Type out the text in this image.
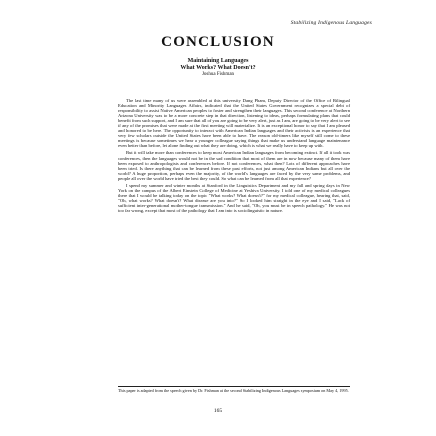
Stabilizing Indigenous Languages
CONCLUSION
Maintaining Languages
What Works? What Doesn't?
Joshua Fishman

The last time many of us were assembled at this university Dang Pham, Deputy Director of the Office of Bilingual Education and Minority Languages Affairs, indicated that the United States Government recognizes a special debt of responsibility to assist Native American peoples to foster and strengthen their languages. This second conference at Northern Arizona University was to be a more concrete step in that direction, listening to ideas, perhaps formulating plans that could benefit from such support, and I am sure that all of you are going to be very alert, just as I am, are going to be very alert to see if any of the promises that were made at the first meeting will materialize. It is an exceptional honor to say that I am pleased and honored to be here. The opportunity to interact with American Indian languages and their activists is an experience that very few scholars outside the United States have been able to have. The reason old-timers like myself still come to these meetings is because sometimes we hear a younger colleague saying things that make us understand language maintenance even better than before, let alone finding out what they are doing, which is what we really have to keep up with.

But it will take more than conferences to keep most American Indian languages from becoming extinct. If all it took was conferences, then the languages would not be in the sad condition that most of them are in now because many of them have been exposed to anthropologists and conferences before. If not conferences, what then? Lots of different approaches have been tried. Is there anything that can be learned from these past efforts, not just among American Indians but all over the world? A huge proportion, perhaps even the majority, of the world's languages are faced by the very same problems, and people all over the world have tried the best they could. So what can be learned from all that experience?

I spend my summer and winter months at Stanford in the Linguistics Department and my fall and spring days in New York on the campus of the Albert Einstein College of Medicine at Yeshiva University. I told one of my medical colleagues there that I would be talking today on the topic "What works? What doesn't?" for my medical colleague, hearing that, said, "Oh, what works? What doesn't? What disease are you into?" So I looked him straight in the eye and I said, "Lack of sufficient inter-generational mother-tongue transmission." And he said, "Oh, you must be in speech pathology." He was not too far wrong, except that most of the pathology that I am into is sociolinguistic in nature.

This paper is adapted from the speech given by Dr. Fishman at the second Stabilizing Indigenous Languages symposium on May 4, 1995.
165
